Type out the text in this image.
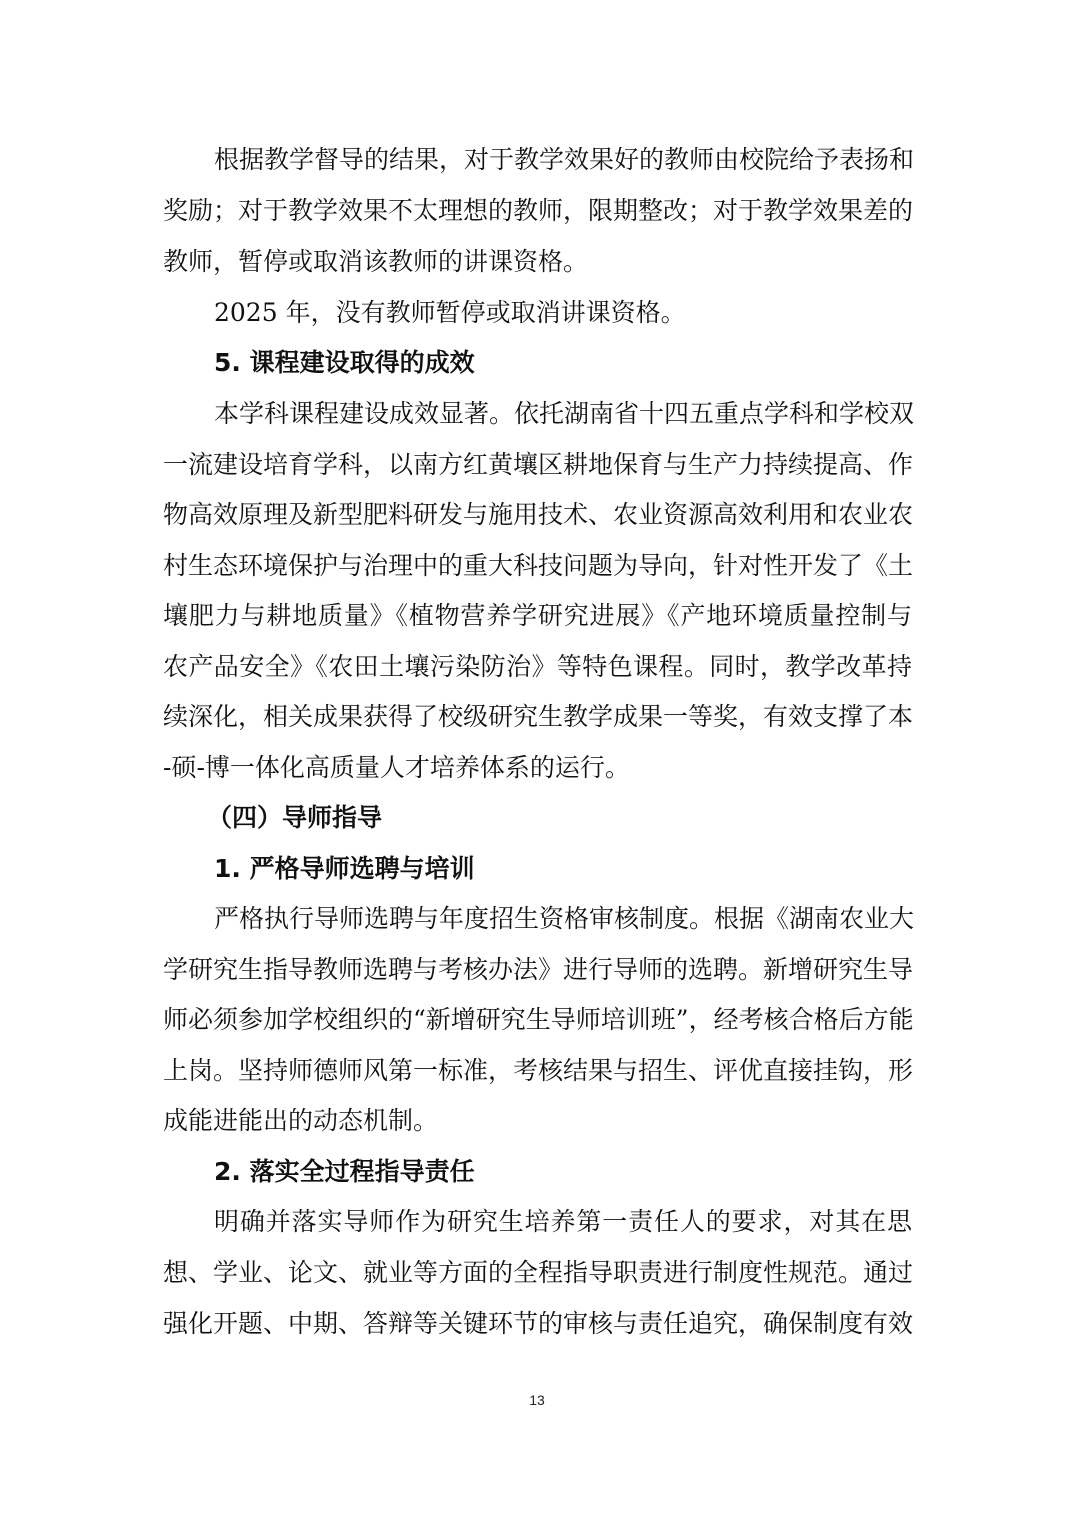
根据教学督导的结果，对于教学效果好的教师由校院给予表扬和
奖励；对于教学效果不太理想的教师，限期整改；对于教学效果差的
教师，暂停或取消该教师的讲课资格。
2025 年，没有教师暂停或取消讲课资格。
5. 课程建设取得的成效
本学科课程建设成效显著。依托湖南省十四五重点学科和学校双
一流建设培育学科，以南方红黄壤区耕地保育与生产力持续提高、作
物高效原理及新型肥料研发与施用技术、农业资源高效利用和农业农
村生态环境保护与治理中的重大科技问题为导向，针对性开发了《土
壤肥力与耕地质量》《植物营养学研究进展》《产地环境质量控制与
农产品安全》《农田土壤污染防治》等特色课程。同时，教学改革持
续深化，相关成果获得了校级研究生教学成果一等奖，有效支撑了本
-硕-博一体化高质量人才培养体系的运行。
（四）导师指导
1. 严格导师选聘与培训
严格执行导师选聘与年度招生资格审核制度。根据《湖南农业大
学研究生指导教师选聘与考核办法》进行导师的选聘。新增研究生导
师必须参加学校组织的“新增研究生导师培训班”，经考核合格后方能
上岗。坚持师德师风第一标准，考核结果与招生、评优直接挂钩，形
成能进能出的动态机制。
2. 落实全过程指导责任
明确并落实导师作为研究生培养第一责任人的要求，对其在思
想、学业、论文、就业等方面的全程指导职责进行制度性规范。通过
强化开题、中期、答辩等关键环节的审核与责任追究，确保制度有效
13
